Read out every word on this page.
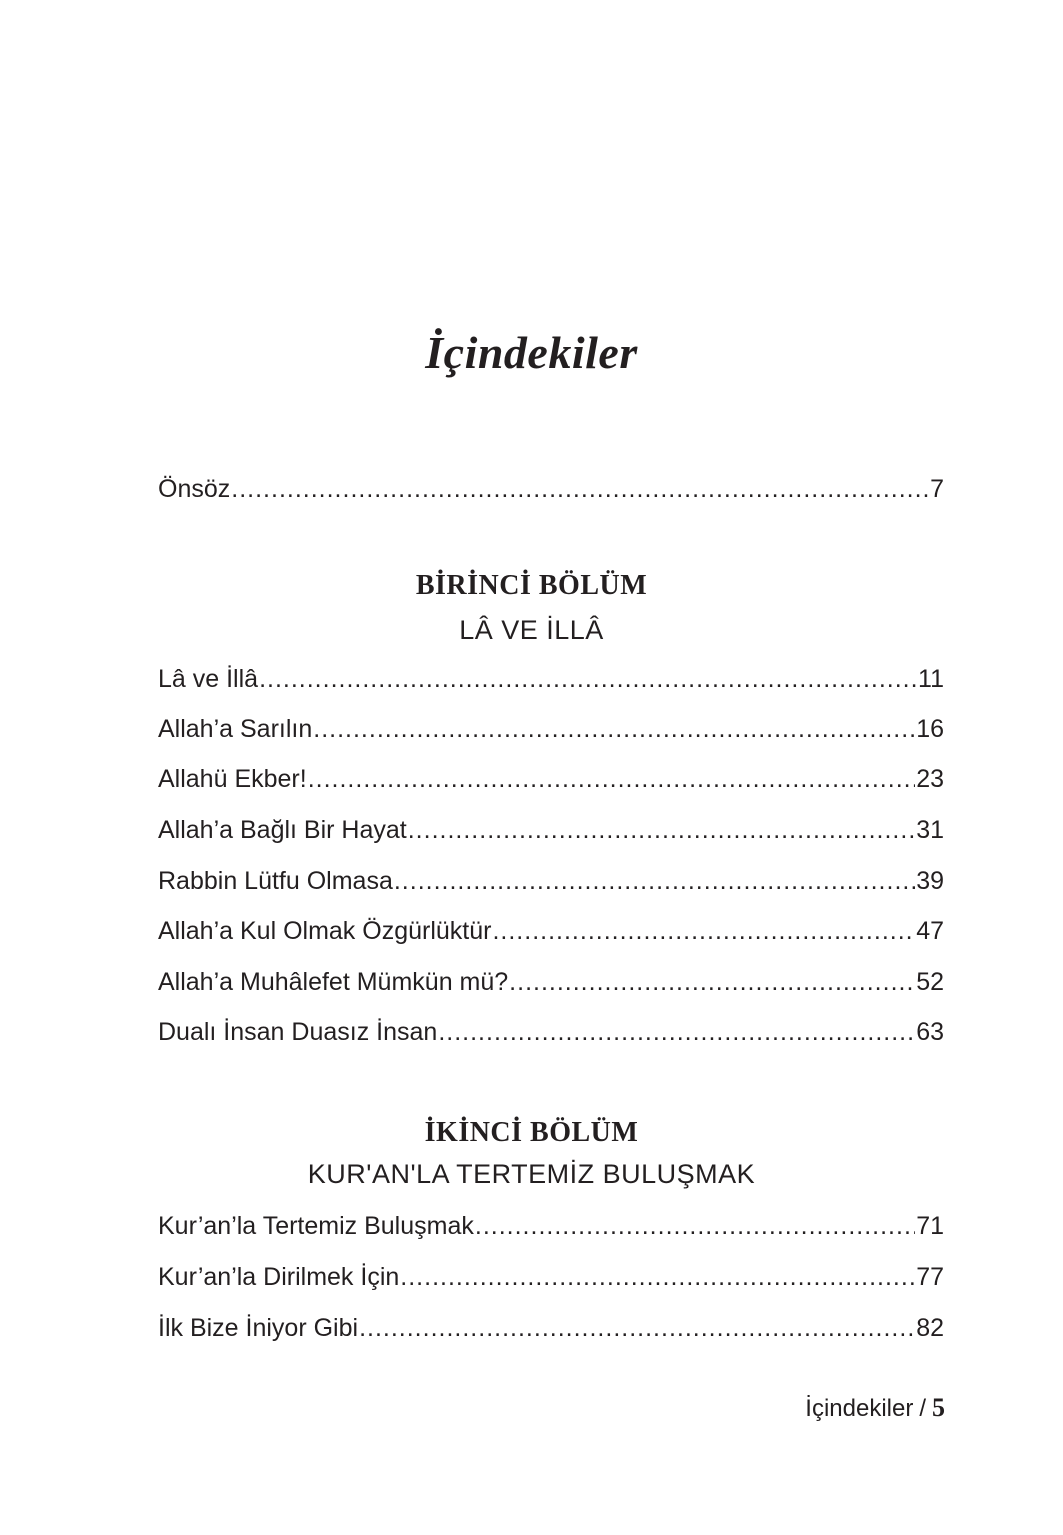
İçindekiler
Önsöz .....	7
BİRİNCİ BÖLÜM
LÂ VE İLLÂ
Lâ ve İllâ .....	11
Allah’a Sarılın .....	16
Allahü Ekber! .....	23
Allah’a Bağlı Bir Hayat .....	31
Rabbin Lütfu Olmasa .....	39
Allah’a Kul Olmak Özgürlüktür .....	47
Allah’a Muhâlefet Mümkün mü? .....	52
Dualı İnsan Duasız İnsan .....	63
İKİNCİ BÖLÜM
KUR'AN'LA TERTEMİZ BULUŞMAK
Kur’an’la Tertemiz Buluşmak .....	71
Kur’an’la Dirilmek İçin .....	77
İlk Bize İniyor Gibi .....	82
İçindekiler / 5
